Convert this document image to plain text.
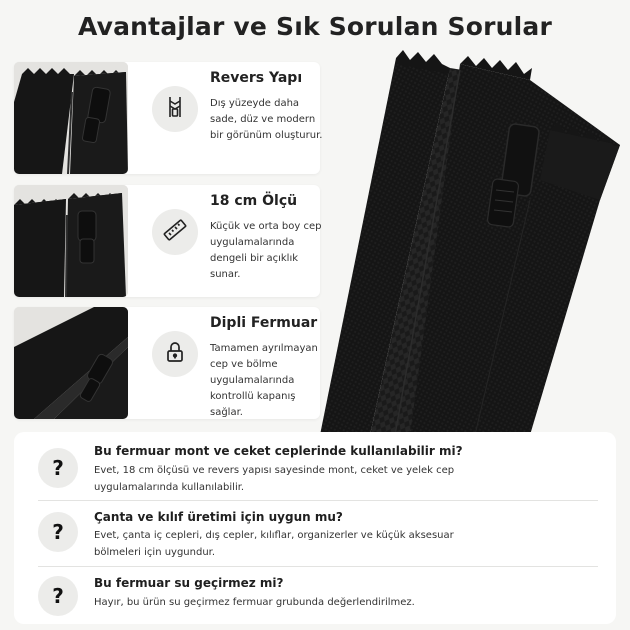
Avantajlar ve Sık Sorulan Sorular
Revers Yapı
Dış yüzeyde daha sade, düz ve modern bir görünüm oluşturur.
18 cm Ölçü
Küçük ve orta boy cep uygulamalarında dengeli bir açıklık sunar.
Dipli Fermuar
Tamamen ayrılmayan cep ve bölme uygulamalarında kontrollü kapanış sağlar.
?
Bu fermuar mont ve ceket ceplerinde kullanılabilir mi?
Evet, 18 cm ölçüsü ve revers yapısı sayesinde mont, ceket ve yelek cep uygulamalarında kullanılabilir.
?
Çanta ve kılıf üretimi için uygun mu?
Evet, çanta iç cepleri, dış cepler, kılıflar, organizerler ve küçük aksesuar bölmeleri için uygundur.
?
Bu fermuar su geçirmez mi?
Hayır, bu ürün su geçirmez fermuar grubunda değerlendirilmez.
